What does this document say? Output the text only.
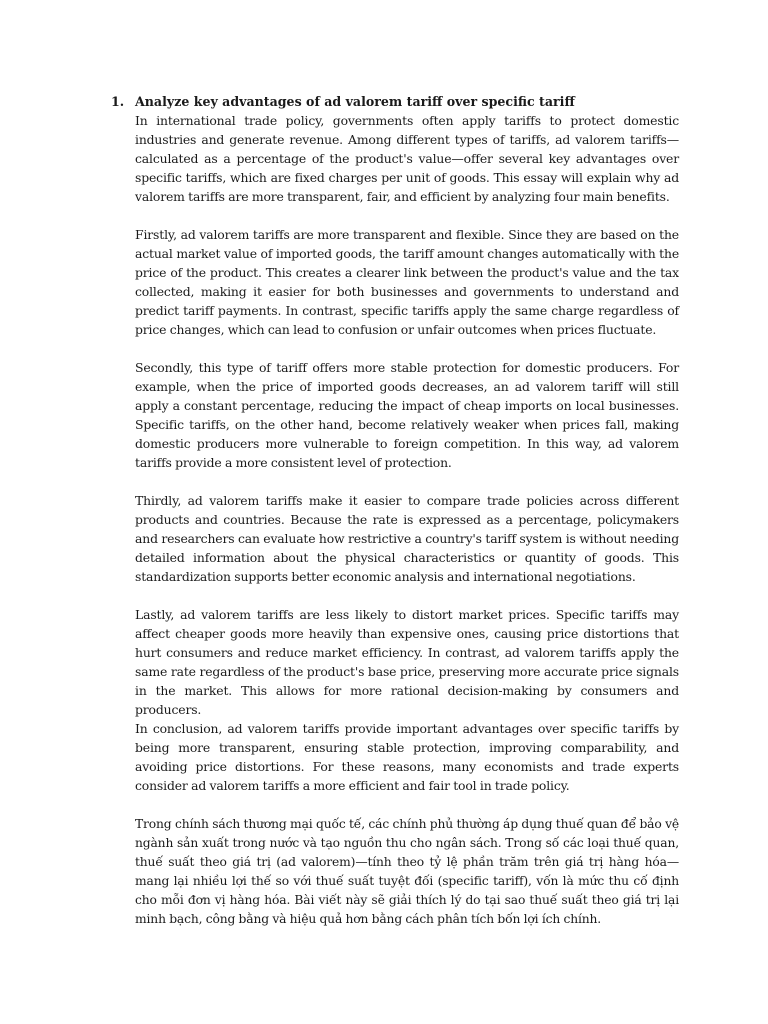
1. Analyze key advantages of ad valorem tariff over specific tariff
In international trade policy, governments often apply tariffs to protect domestic industries and generate revenue. Among different types of tariffs, ad valorem tariffs—calculated as a percentage of the product's value—offer several key advantages over specific tariffs, which are fixed charges per unit of goods. This essay will explain why ad valorem tariffs are more transparent, fair, and efficient by analyzing four main benefits.
Firstly, ad valorem tariffs are more transparent and flexible. Since they are based on the actual market value of imported goods, the tariff amount changes automatically with the price of the product. This creates a clearer link between the product's value and the tax collected, making it easier for both businesses and governments to understand and predict tariff payments. In contrast, specific tariffs apply the same charge regardless of price changes, which can lead to confusion or unfair outcomes when prices fluctuate.
Secondly, this type of tariff offers more stable protection for domestic producers. For example, when the price of imported goods decreases, an ad valorem tariff will still apply a constant percentage, reducing the impact of cheap imports on local businesses. Specific tariffs, on the other hand, become relatively weaker when prices fall, making domestic producers more vulnerable to foreign competition. In this way, ad valorem tariffs provide a more consistent level of protection.
Thirdly, ad valorem tariffs make it easier to compare trade policies across different products and countries. Because the rate is expressed as a percentage, policymakers and researchers can evaluate how restrictive a country's tariff system is without needing detailed information about the physical characteristics or quantity of goods. This standardization supports better economic analysis and international negotiations.
Lastly, ad valorem tariffs are less likely to distort market prices. Specific tariffs may affect cheaper goods more heavily than expensive ones, causing price distortions that hurt consumers and reduce market efficiency. In contrast, ad valorem tariffs apply the same rate regardless of the product's base price, preserving more accurate price signals in the market. This allows for more rational decision-making by consumers and producers.
In conclusion, ad valorem tariffs provide important advantages over specific tariffs by being more transparent, ensuring stable protection, improving comparability, and avoiding price distortions. For these reasons, many economists and trade experts consider ad valorem tariffs a more efficient and fair tool in trade policy.
Trong chính sách thương mại quốc tế, các chính phủ thường áp dụng thuế quan để bảo vệ ngành sản xuất trong nước và tạo nguồn thu cho ngân sách. Trong số các loại thuế quan, thuế suất theo giá trị (ad valorem)—tính theo tỷ lệ phần trăm trên giá trị hàng hóa—mang lại nhiều lợi thế so với thuế suất tuyệt đối (specific tariff), vốn là mức thu cố định cho mỗi đơn vị hàng hóa. Bài viết này sẽ giải thích lý do tại sao thuế suất theo giá trị lại minh bạch, công bằng và hiệu quả hơn bằng cách phân tích bốn lợi ích chính.
